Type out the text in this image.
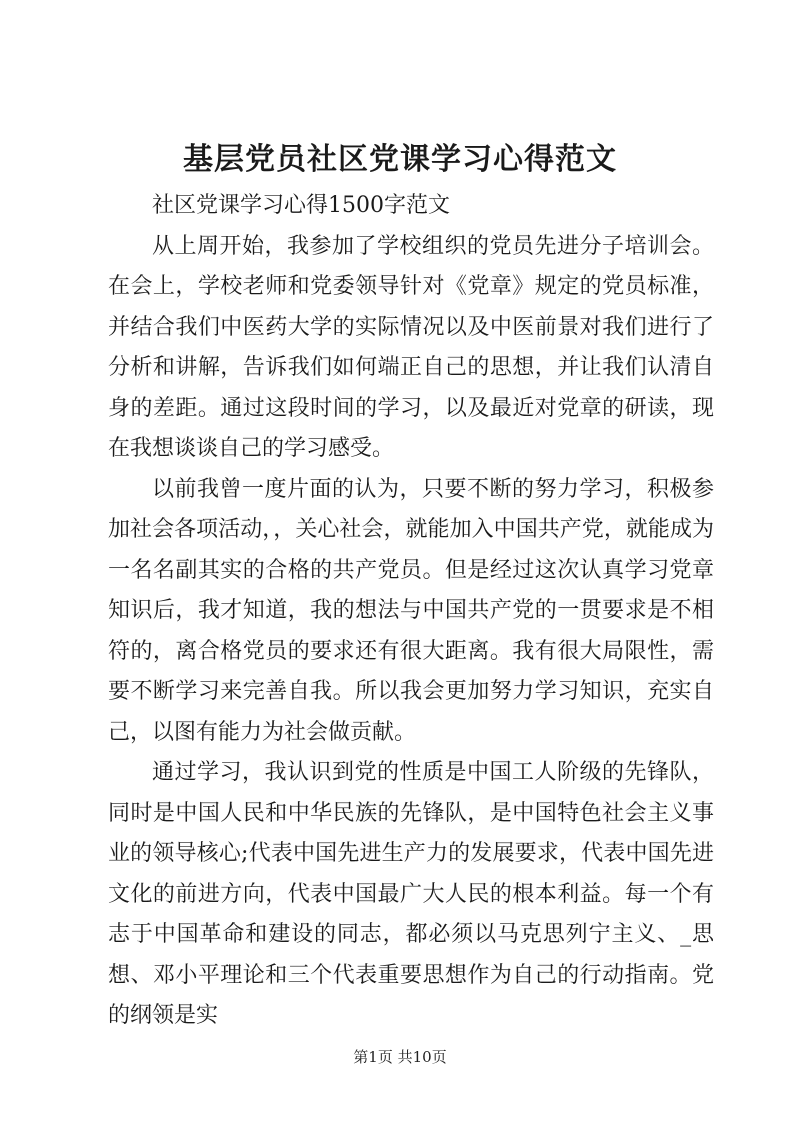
基层党员社区党课学习心得范文

社区党课学习心得1500字范文

从上周开始，我参加了学校组织的党员先进分子培训会。在会上，学校老师和党委领导针对《党章》规定的党员标准，并结合我们中医药大学的实际情况以及中医前景对我们进行了分析和讲解，告诉我们如何端正自己的思想，并让我们认清自身的差距。通过这段时间的学习，以及最近对党章的研读，现在我想谈谈自己的学习感受。

以前我曾一度片面的认为，只要不断的努力学习，积极参加社会各项活动，，关心社会，就能加入中国共产党，就能成为一名名副其实的合格的共产党员。但是经过这次认真学习党章知识后，我才知道，我的想法与中国共产党的一贯要求是不相符的，离合格党员的要求还有很大距离。我有很大局限性，需要不断学习来完善自我。所以我会更加努力学习知识，充实自己，以图有能力为社会做贡献。

通过学习，我认识到党的性质是中国工人阶级的先锋队，同时是中国人民和中华民族的先锋队，是中国特色社会主义事业的领导核心;代表中国先进生产力的发展要求，代表中国先进文化的前进方向，代表中国最广大人民的根本利益。每一个有志于中国革命和建设的同志，都必须以马克思列宁主义、_思想、邓小平理论和三个代表重要思想作为自己的行动指南。党的纲领是实

第1页 共10页
